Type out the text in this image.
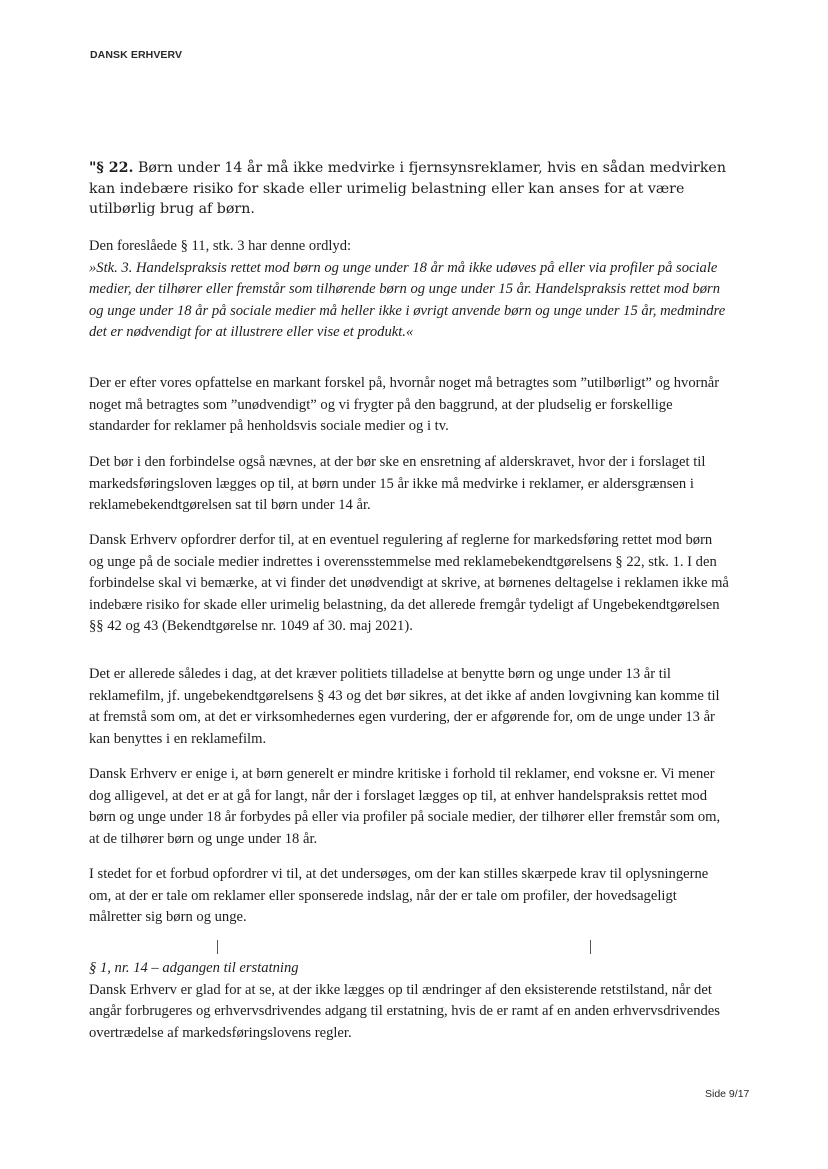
DANSK ERHVERV
"§ 22. Børn under 14 år må ikke medvirke i fjernsynsreklamer, hvis en sådan medvirken kan indebære risiko for skade eller urimelig belastning eller kan anses for at være utilbørlig brug af børn.

Den foreslåede § 11, stk. 3 har denne ordlyd:

»Stk. 3. Handelspraksis rettet mod børn og unge under 18 år må ikke udøves på eller via profiler på sociale medier, der tilhører eller fremstår som tilhørende børn og unge under 15 år. Handelspraksis rettet mod børn og unge under 18 år på sociale medier må heller ikke i øvrigt anvende børn og unge under 15 år, medmindre det er nødvendigt for at illustrere eller vise et produkt.«

Der er efter vores opfattelse en markant forskel på, hvornår noget må betragtes som ”utilbørligt” og hvornår noget må betragtes som ”unødvendigt” og vi frygter på den baggrund, at der pludselig er forskellige standarder for reklamer på henholdsvis sociale medier og i tv.
Det bør i den forbindelse også nævnes, at der bør ske en ensretning af alderskravet, hvor der i forslaget til markedsføringsloven lægges op til, at børn under 15 år ikke må medvirke i reklamer, er aldersgrænsen i reklamebekendtgørelsen sat til børn under 14 år.
Dansk Erhverv opfordrer derfor til, at en eventuel regulering af reglerne for markedsføring rettet mod børn og unge på de sociale medier indrettes i overensstemmelse med reklamebekendtgørelsens § 22, stk. 1. I den forbindelse skal vi bemærke, at vi finder det unødvendigt at skrive, at børnenes deltagelse i reklamen ikke må indebære risiko for skade eller urimelig belastning, da det allerede fremgår tydeligt af Ungebekendtgørelsen §§ 42 og 43 (Bekendtgørelse nr. 1049 af 30. maj 2021).
Det er allerede således i dag, at det kræver politiets tilladelse at benytte børn og unge under 13 år til reklamefilm, jf. ungebekendtgørelsens § 43 og det bør sikres, at det ikke af anden lovgivning kan komme til at fremstå som om, at det er virksomhedernes egen vurdering, der er afgørende for, om de unge under 13 år kan benyttes i en reklamefilm.
Dansk Erhverv er enige i, at børn generelt er mindre kritiske i forhold til reklamer, end voksne er. Vi mener dog alligevel, at det er at gå for langt, når der i forslaget lægges op til, at enhver handelspraksis rettet mod børn og unge under 18 år forbydes på eller via profiler på sociale medier, der tilhører eller fremstår som om, at de tilhører børn og unge under 18 år.
I stedet for et forbud opfordrer vi til, at det undersøges, om der kan stilles skærpede krav til oplysningerne om, at der er tale om reklamer eller sponserede indslag, når der er tale om profiler, der hovedsageligt målretter sig børn og unge.

§ 1, nr. 14 – adgangen til erstatning

Dansk Erhverv er glad for at se, at der ikke lægges op til ændringer af den eksisterende retstilstand, når det angår forbrugeres og erhvervsdrivendes adgang til erstatning, hvis de er ramt af en anden erhvervsdrivendes overtrædelse af markedsføringslovens regler.

Side 9/17
